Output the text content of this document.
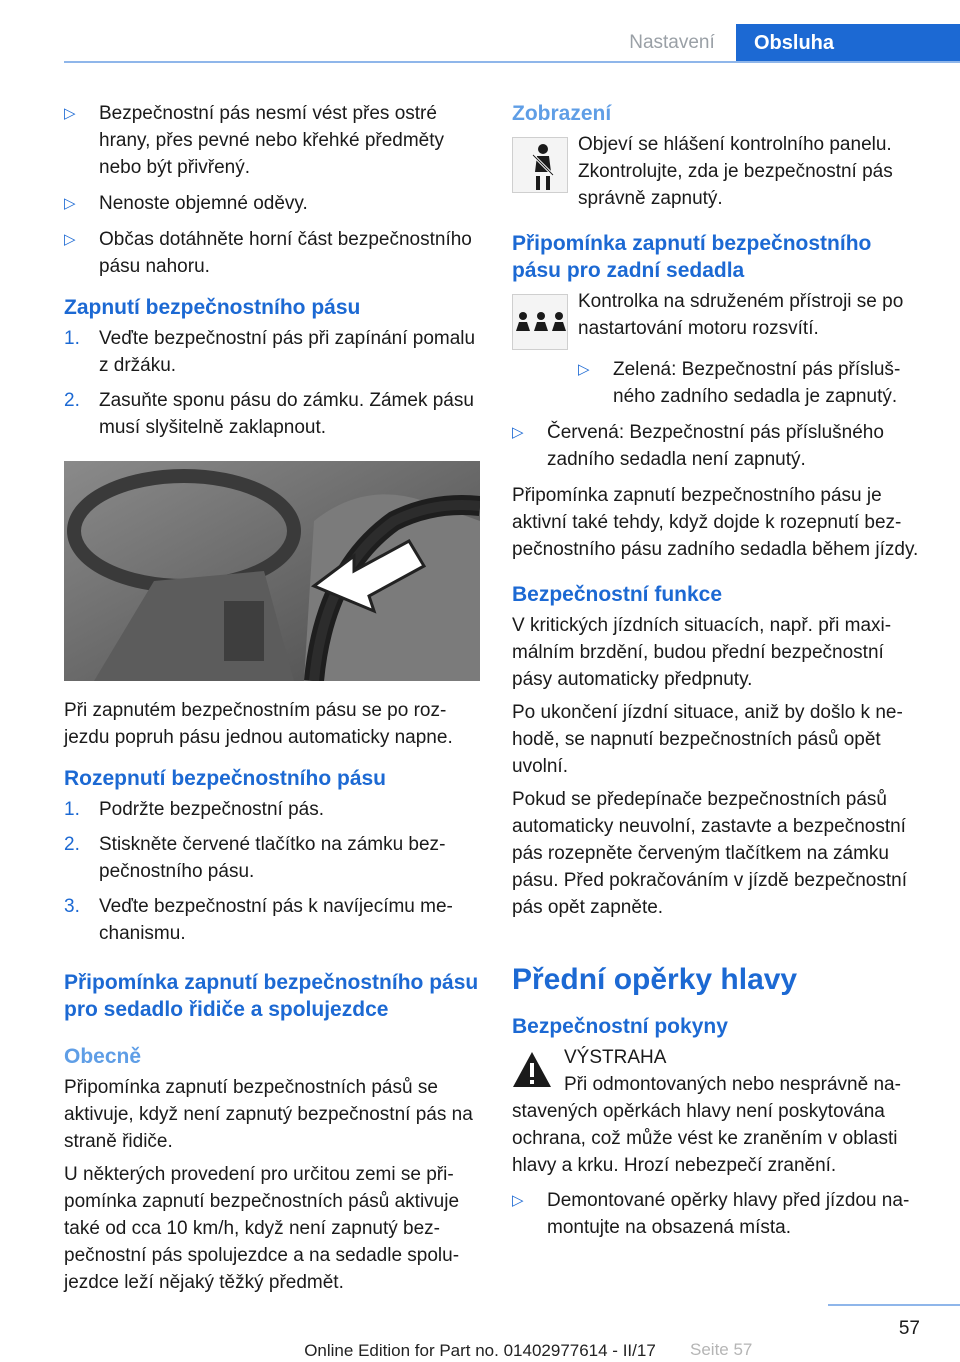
Nastavení	Obsluha
▷ Bezpečnostní pás nesmí vést přes ostré hrany, přes pevné nebo křehké předměty nebo být přivřený.
▷ Nenoste objemné oděvy.
▷ Občas dotáhněte horní část bezpečnostního pásu nahoru.
Zapnutí bezpečnostního pásu
1. Veďte bezpečnostní pás při zapínání pomalu z držáku.
2. Zasuňte sponu pásu do zámku. Zámek pásu musí slyšitelně zaklapnout.

Při zapnutém bezpečnostním pásu se po rozjezdu popruh pásu jednou automaticky napne.

Rozepnutí bezpečnostního pásu
1. Podržte bezpečnostní pás.
2. Stiskněte červené tlačítko na zámku bezpečnostního pásu.
3. Veďte bezpečnostní pás k navíjecímu mechanismu.
Připomínka zapnutí bezpečnostního pásu pro sedadlo řidiče a spolujezdce
Obecně

Připomínka zapnutí bezpečnostních pásů se aktivuje, když není zapnutý bezpečnostní pás na straně řidiče.

U některých provedení pro určitou zemi se připomínka zapnutí bezpečnostních pásů aktivuje také od cca 10 km/h, když není zapnutý bezpečnostní pás spolujezdce a na sedadle spolujezdce leží nějaký těžký předmět.

Zobrazení
Objeví se hlášení kontrolního panelu. Zkontrolujte, zda je bezpečnostní pás správně zapnutý.
Připomínka zapnutí bezpečnostního pásu pro zadní sedadla
Kontrolka na sdruženém přístroji se po nastartování motoru rozsvítí.
▷ Zelená: Bezpečnostní pás příslušného zadního sedadla je zapnutý.
▷ Červená: Bezpečnostní pás příslušného zadního sedadla není zapnutý.

Připomínka zapnutí bezpečnostního pásu je aktivní také tehdy, když dojde k rozepnutí bezpečnostního pásu zadního sedadla během jízdy.

Bezpečnostní funkce

V kritických jízdních situacích, např. při maximálním brzdění, budou přední bezpečnostní pásy automaticky předpnuty.

Po ukončení jízdní situace, aniž by došlo k nehodě, se napnutí bezpečnostních pásů opět uvolní.

Pokud se předepínače bezpečnostních pásů automaticky neuvolní, zastavte a bezpečnostní pás rozepněte červeným tlačítkem na zámku pásu. Před pokračováním v jízdě bezpečnostní pás opět zapněte.

Přední opěrky hlavy
Bezpečnostní pokyny
VÝSTRAHA
Při odmontovaných nebo nesprávně nastavených opěrkách hlavy není poskytována ochrana, což může vést ke zraněním v oblasti hlavy a krku. Hrozí nebezpečí zranění.
▷ Demontované opěrky hlavy před jízdou namontujte na obsazená místa.
57
Online Edition for Part no. 01402977614 - II/17	Seite 57
